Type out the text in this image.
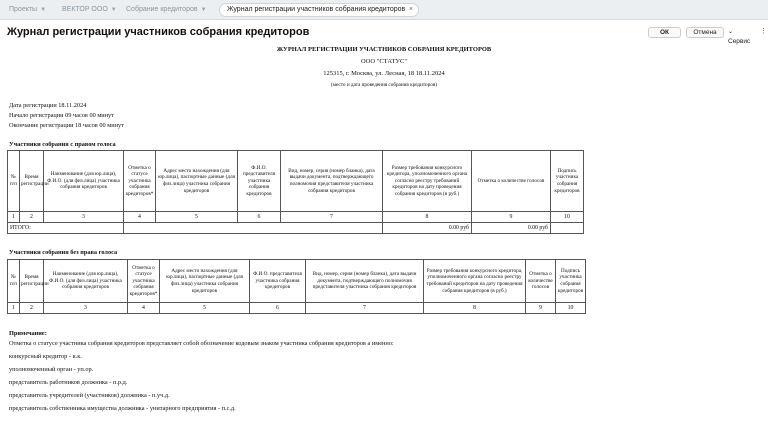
Проекты ▼ ВЕКТОР ООО ▼ Собрание кредиторов ▼	Журнал регистрации участников собрания кредиторов ×
Журнал регистрации участников собрания кредиторов	ОК	Отмена	⌄ Сервис
⋮
ЖУРНАЛ РЕГИСТРАЦИИ УЧАСТНИКОВ СОБРАНИЯ КРЕДИТОРОВ
ООО "СТАТУС"
125315, г. Москва, ул. Лесная, 18 18.11.2024
(место и дата проведения собрания кредиторов)
Дата регистрации 18.11.2024
Начало регистрации 09 часов 00 минут
Окончание регистрации 18 часов 00 минут
Участники собрания с правом голоса
№ п/п	Время регистрации	Наименование (для юр.лица), Ф.И.О. (для физ.лица) участника собрания кредиторов	Отметка о статусе участника собрания кредиторов*	Адрес место нахождения (для юр.лица), паспортные данные (для физ.лица) участника собрания кредиторов	Ф.И.О. представителя участника собрания кредиторов	Вид, номер, серия (номер бланка), дата выдачи документа, подтверждающего полномочия представителя участника собрания кредиторов	Размер требования конкурсного кредитора, уполномоченного органа согласно реестру требований кредиторов на дату проведения собрания кредиторов (в руб.)	Отметка о количестве голосов	Подпись участника собрания кредиторов
1	2	3	4	5	6	7	8	9	10
ИТОГО:							0.00 руб	0.00 руб	
Участники собрания без права голоса
№ п/п	Время регистрации	Наименование (для юр.лица), Ф.И.О. (для физ.лица) участника собрания кредиторов	Отметка о статусе участника собрания кредиторов*	Адрес место нахождения (для юр.лица), паспортные данные (для физ.лица) участника собрания кредиторов	Ф.И.О. представителя участника собрания кредиторов	Вид, номер, серия (номер бланка), дата выдачи документа, подтверждающего полномочия представителя участника собрания кредиторов	Размер требования конкурсного кредитора, уполномоченного органа согласно реестру требований кредиторов на дату проведения собрания кредиторов (в руб.)	Отметка о количестве голосов	Подпись участника собрания кредиторов
1	2	3	4	5	6	7	8	9	10
Примечание:
Отметка о статусе участника собрания кредиторов представляет собой обозначение кодовым знаком участника собрания кредиторов а именно:
конкурсный кредитор - к.к.
уполномоченный орган - уп.ор.
представитель работников должника - п.р.д.
представитель учредителей (участников) должника - п.уч.д.
представитель собственника имущества должника - унитарного предприятия - п.с.д.
